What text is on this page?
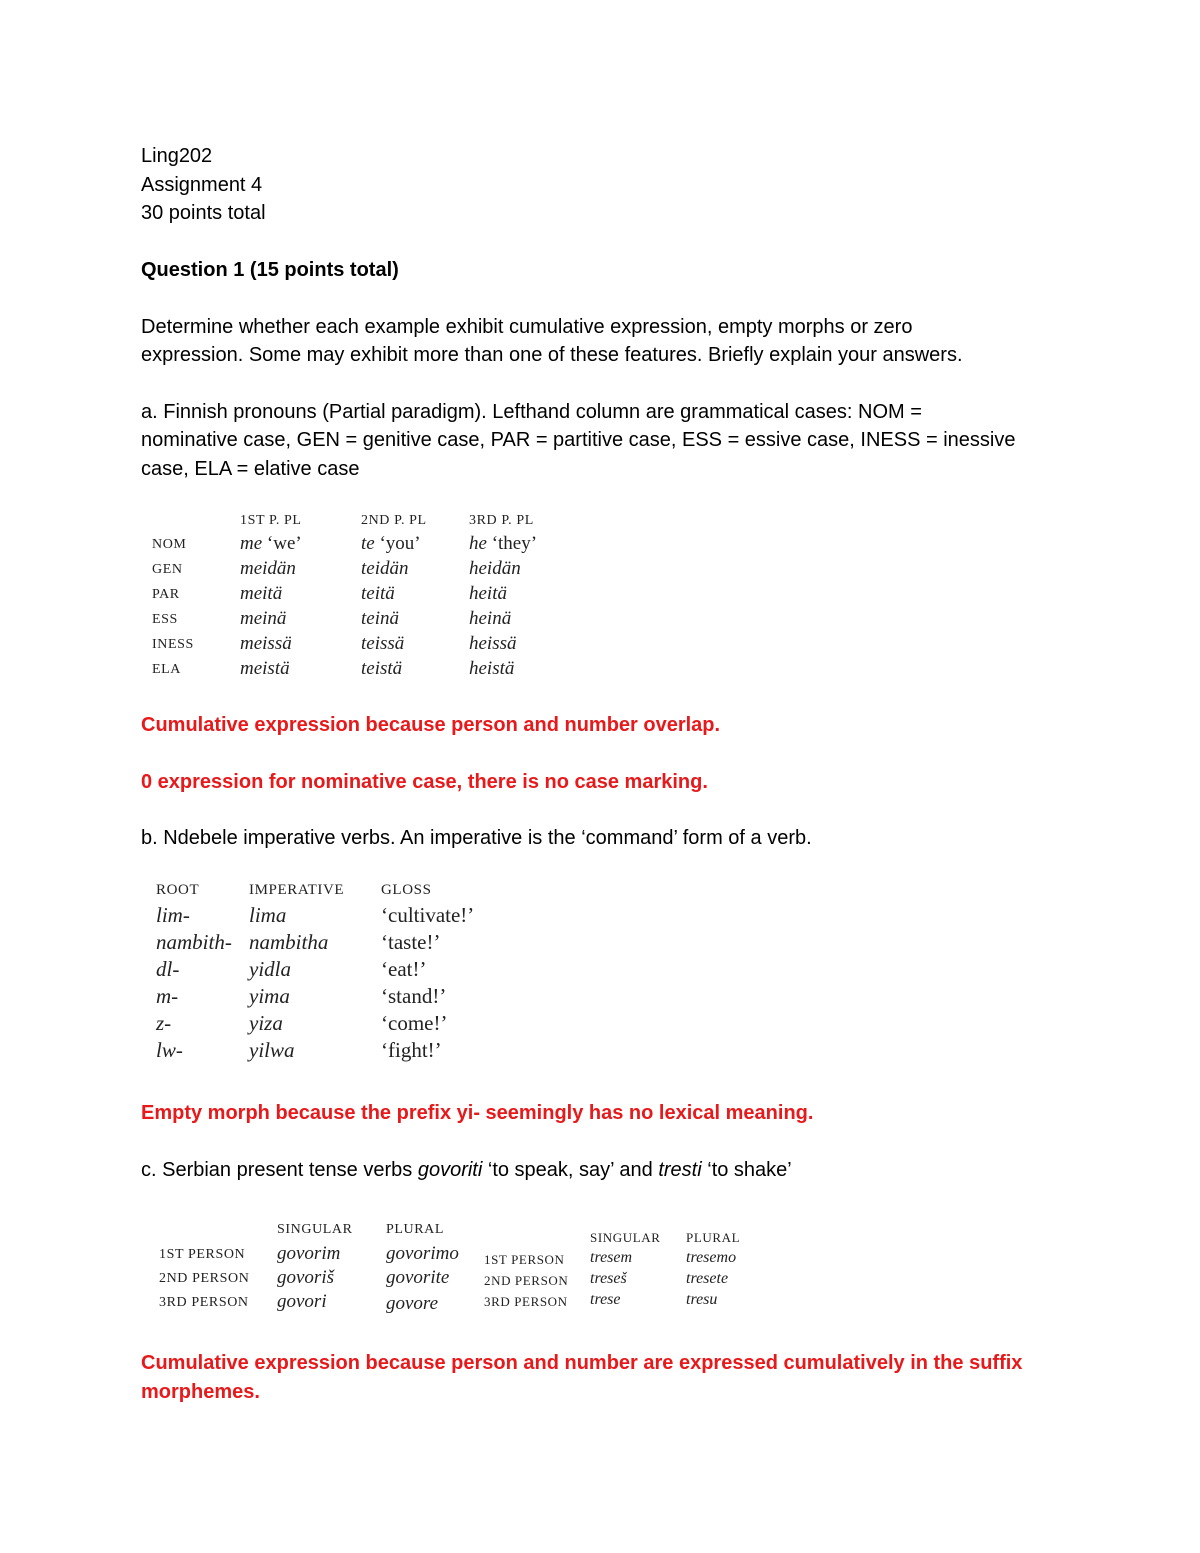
Ling202
Assignment 4
30 points total
Question 1 (15 points total)
Determine whether each example exhibit cumulative expression, empty morphs or zero
expression. Some may exhibit more than one of these features. Briefly explain your answers.
a. Finnish pronouns (Partial paradigm). Lefthand column are grammatical cases: NOM =
nominative case, GEN = genitive case, PAR = partitive case, ESS = essive case, INESS = inessive
case, ELA = elative case
1ST P. PL	2ND P. PL	3RD P. PL
NOM	me ‘we’	te ‘you’	he ‘they’
GEN	meidän	teidän	heidän
PAR	meitä	teitä	heitä
ESS	meinä	teinä	heinä
INESS meissä	teissä	heissä
ELA	meistä	teistä	heistä
Cumulative expression because person and number overlap.
0 expression for nominative case, there is no case marking.
b. Ndebele imperative verbs. An imperative is the ‘command’ form of a verb.
ROOT	IMPERATIVE GLOSS
lim-	lima	‘cultivate!’
nambith- nambitha	‘taste!’
dl-	yidla	‘eat!’
m-	yima	‘stand!’
z-	yiza	‘come!’
lw-	yilwa	‘fight!’
Empty morph because the prefix yi- seemingly has no lexical meaning.
c. Serbian present tense verbs govoriti ‘to speak, say’ and tresti ‘to shake’
SINGULAR PLURAL
1ST PERSON govorim govorimo
2ND PERSON govoriš	govorite
3RD PERSON govori	govore
SINGULAR PLURAL
1ST PERSON tresem	tresemo
2ND PERSON treseš	tresete
3RD PERSON trese	tresu
Cumulative expression because person and number are expressed cumulatively in the suffix
morphemes.
